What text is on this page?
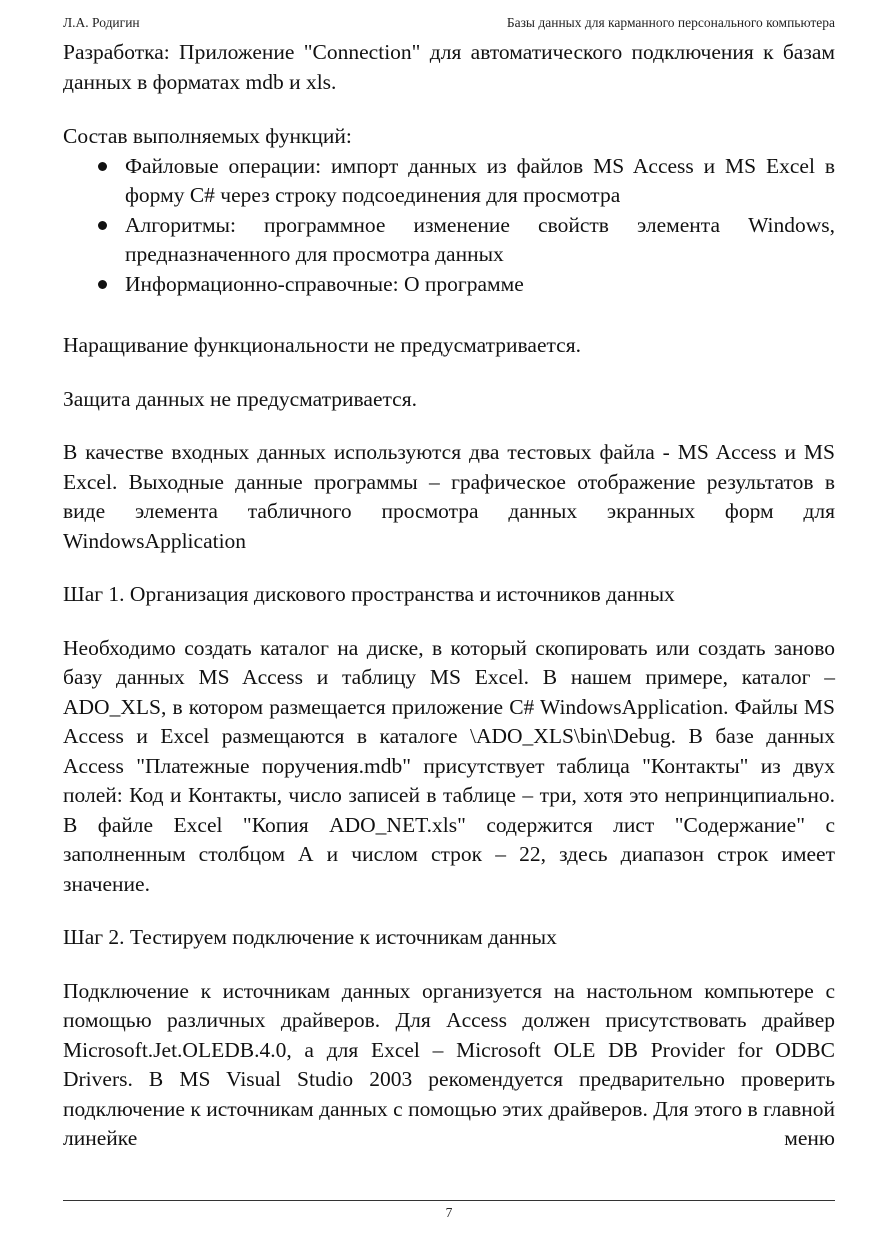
Л.А. Родигин	Базы данных для карманного персонального компьютера

Разработка: Приложение "Connection" для автоматического подключения к базам данных в форматах mdb и xls.

Состав выполняемых функций:

Файловые операции: импорт данных из файлов MS Access и MS Excel в форму C# через строку подсоединения для просмотра
Алгоритмы: программное изменение свойств элемента Windows, предназначенного для просмотра данных
Информационно-справочные: О программе

Наращивание функциональности не предусматривается.

Защита данных не предусматривается.

В качестве входных данных используются два тестовых файла - MS Access и MS Excel. Выходные данные программы – графическое отображение результатов в виде элемента табличного просмотра данных экранных форм для WindowsApplication

Шаг 1. Организация дискового пространства и источников данных

Необходимо создать каталог на диске, в который скопировать или создать заново базу данных MS Access и таблицу MS Excel. В нашем примере, каталог – ADO_XLS, в котором размещается приложение C# WindowsApplication. Файлы MS Access и Excel размещаются в каталоге \ADO_XLS\bin\Debug. В базе данных Access "Платежные поручения.mdb" присутствует таблица "Контакты" из двух полей: Код и Контакты, число записей в таблице – три, хотя это непринципиально. В файле Excel "Копия ADO_NET.xls" содержится лист "Содержание" с заполненным столбцом А и числом строк – 22, здесь диапазон строк имеет значение.

Шаг 2. Тестируем подключение к источникам данных

Подключение к источникам данных организуется на настольном компьютере с помощью различных драйверов. Для Access должен присутствовать драйвер Microsoft.Jet.OLEDB.4.0, а для Excel – Microsoft OLE DB Provider for ODBC Drivers. В MS Visual Studio 2003 рекомендуется предварительно проверить подключение к источникам данных с помощью этих драйверов. Для этого в главной линейке меню

7
